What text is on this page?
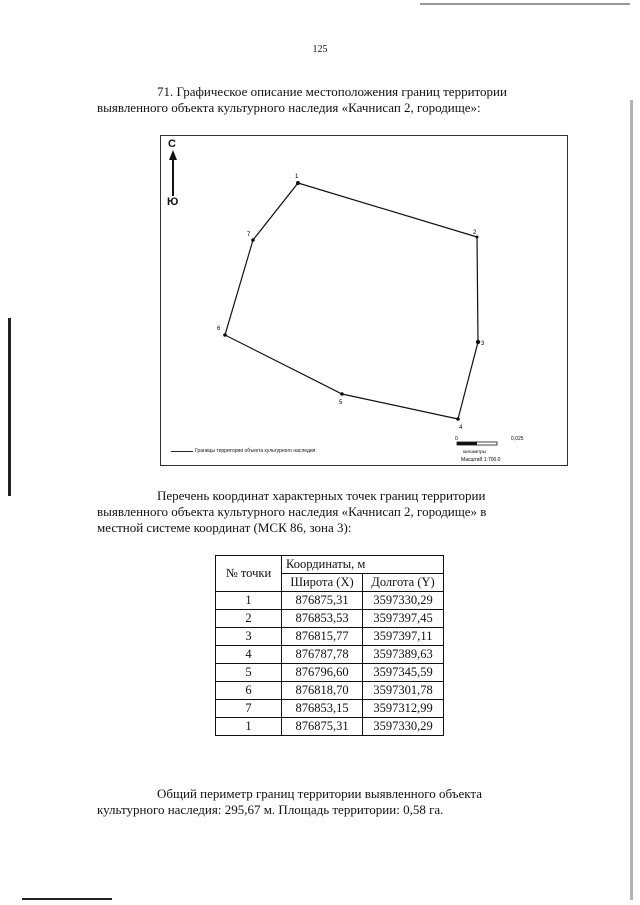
125
71. Графическое описание местоположения границ территории
выявленного объекта культурного наследия «Качнисап 2, городище»:
1
2
3
4
5
6
7
0	0,025
километры
Масштаб 1:700.0
С
Ю
Границы территории объекта культурного наследия
Перечень координат характерных точек границ территории
выявленного объекта культурного наследия «Качнисап 2, городище» в
местной системе координат (МСК 86, зона 3):
№ точки	Координаты, м	
	Широта (X)	Долгота (Y)
1	876875,31	3597330,29
2	876853,53	3597397,45
3	876815,77	3597397,11
4	876787,78	3597389,63
5	876796,60	3597345,59
6	876818,70	3597301,78
7	876853,15	3597312,99
1	876875,31	3597330,29
Общий периметр границ территории выявленного объекта
культурного наследия: 295,67 м. Площадь территории: 0,58 га.
